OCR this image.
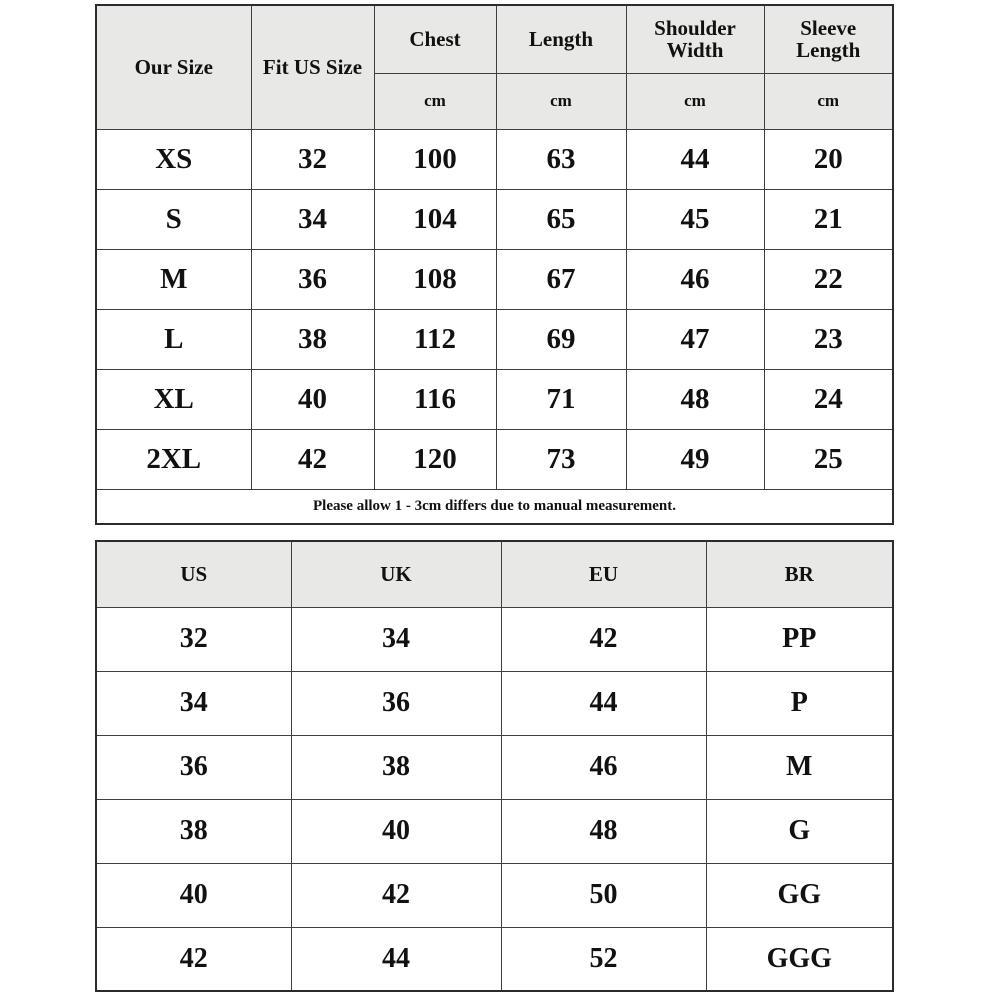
Our Size	Fit US Size	Chest	Length	Shoulder Width	Sleeve Length
		cm	cm	cm	cm
XS	32	100	63	44	20
S	34	104	65	45	21
M	36	108	67	46	22
L	38	112	69	47	23
XL	40	116	71	48	24
2XL	42	120	73	49	25
Please allow 1 - 3cm differs due to manual measurement.					
US	UK	EU	BR
32	34	42	PP
34	36	44	P
36	38	46	M
38	40	48	G
40	42	50	GG
42	44	52	GGG
